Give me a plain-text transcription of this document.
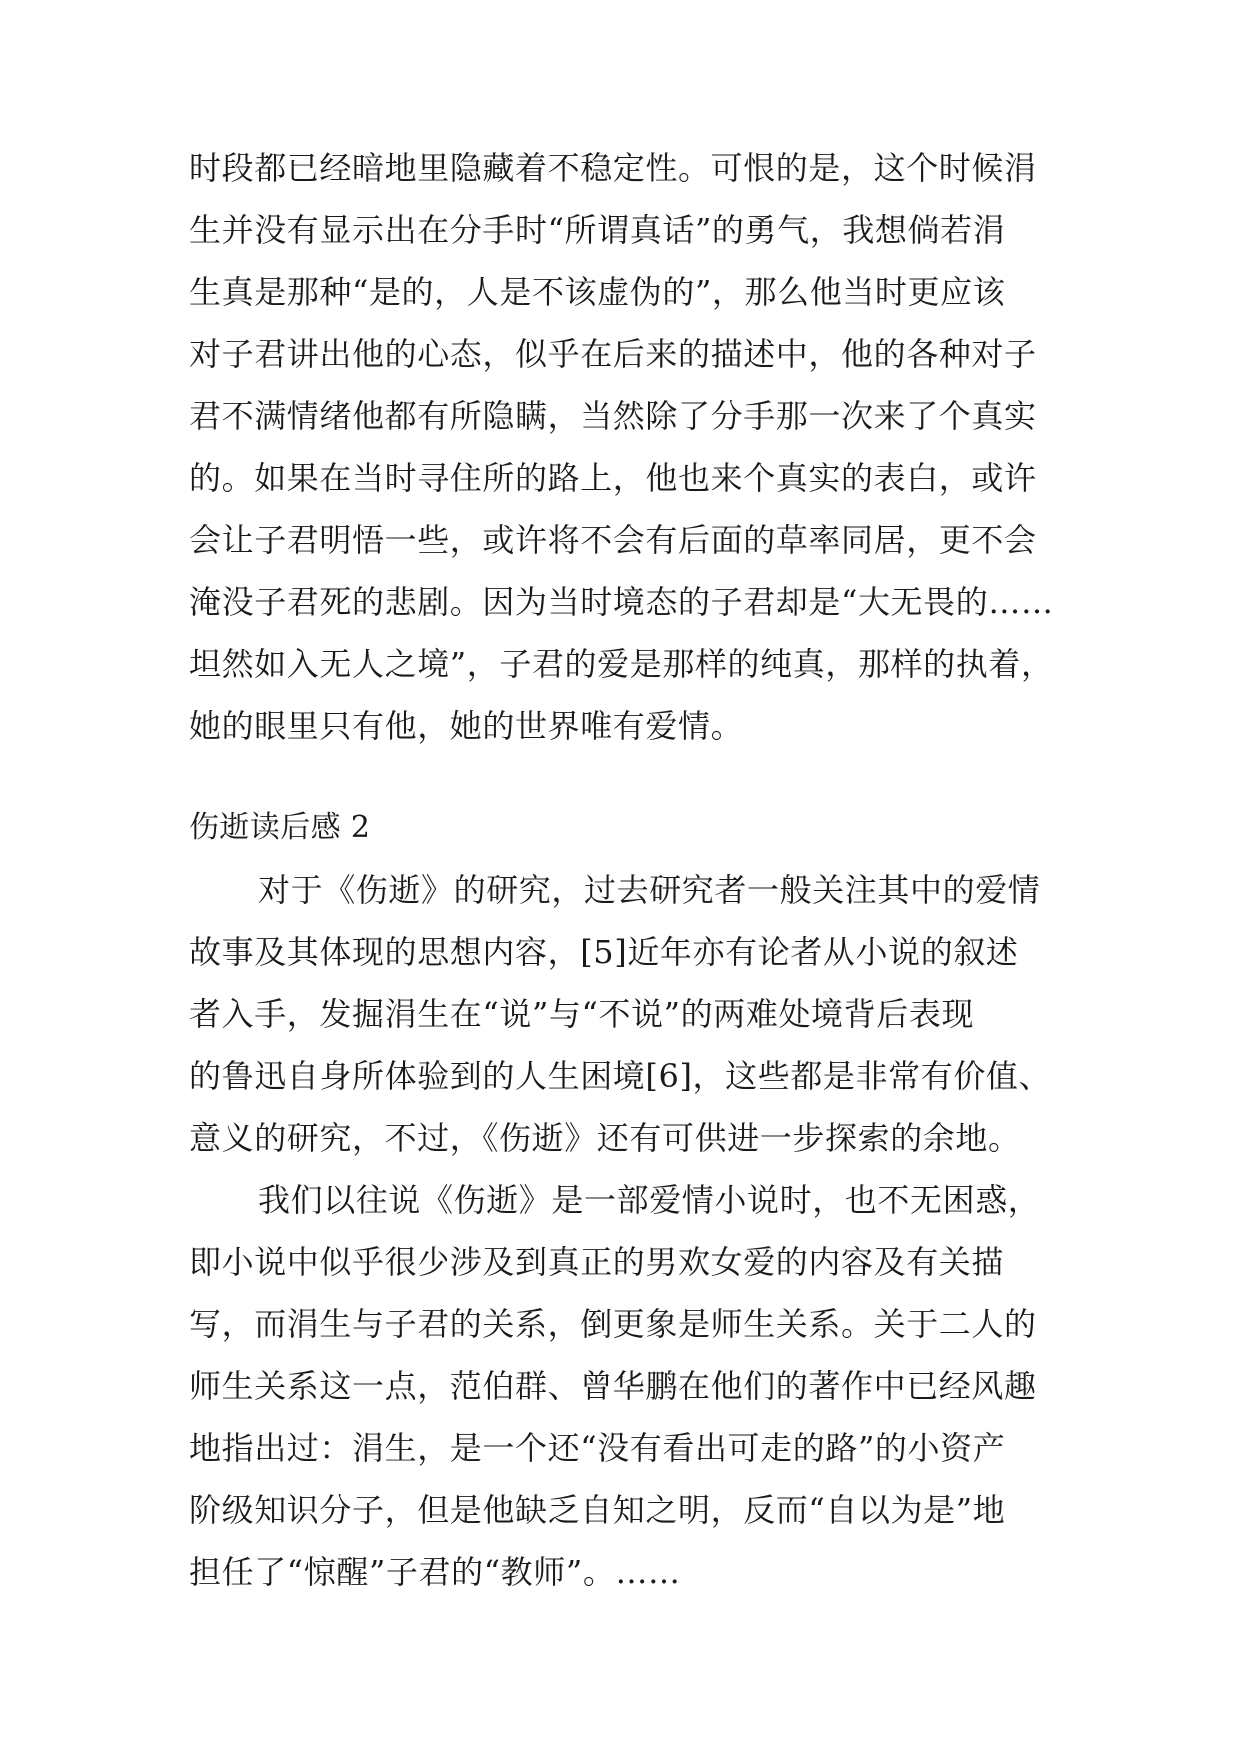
时段都已经暗地里隐藏着不稳定性。可恨的是，这个时候涓
生并没有显示出在分手时“所谓真话”的勇气，我想倘若涓
生真是那种“是的，人是不该虚伪的”，那么他当时更应该
对子君讲出他的心态，似乎在后来的描述中，他的各种对子
君不满情绪他都有所隐瞒，当然除了分手那一次来了个真实
的。如果在当时寻住所的路上，他也来个真实的表白，或许
会让子君明悟一些，或许将不会有后面的草率同居，更不会
淹没子君死的悲剧。因为当时境态的子君却是“大无畏的……
坦然如入无人之境”，子君的爱是那样的纯真，那样的执着，
她的眼里只有他，她的世界唯有爱情。
伤逝读后感 2
对于《伤逝》的研究，过去研究者一般关注其中的爱情
故事及其体现的思想内容，[5]近年亦有论者从小说的叙述
者入手，发掘涓生在“说”与“不说”的两难处境背后表现
的鲁迅自身所体验到的人生困境[6]，这些都是非常有价值、
意义的研究，不过，《伤逝》还有可供进一步探索的余地。
我们以往说《伤逝》是一部爱情小说时，也不无困惑，
即小说中似乎很少涉及到真正的男欢女爱的内容及有关描
写，而涓生与子君的关系，倒更象是师生关系。关于二人的
师生关系这一点，范伯群、曾华鹏在他们的著作中已经风趣
地指出过：涓生，是一个还“没有看出可走的路”的小资产
阶级知识分子，但是他缺乏自知之明，反而“自以为是”地
担任了“惊醒”子君的“教师”。……
